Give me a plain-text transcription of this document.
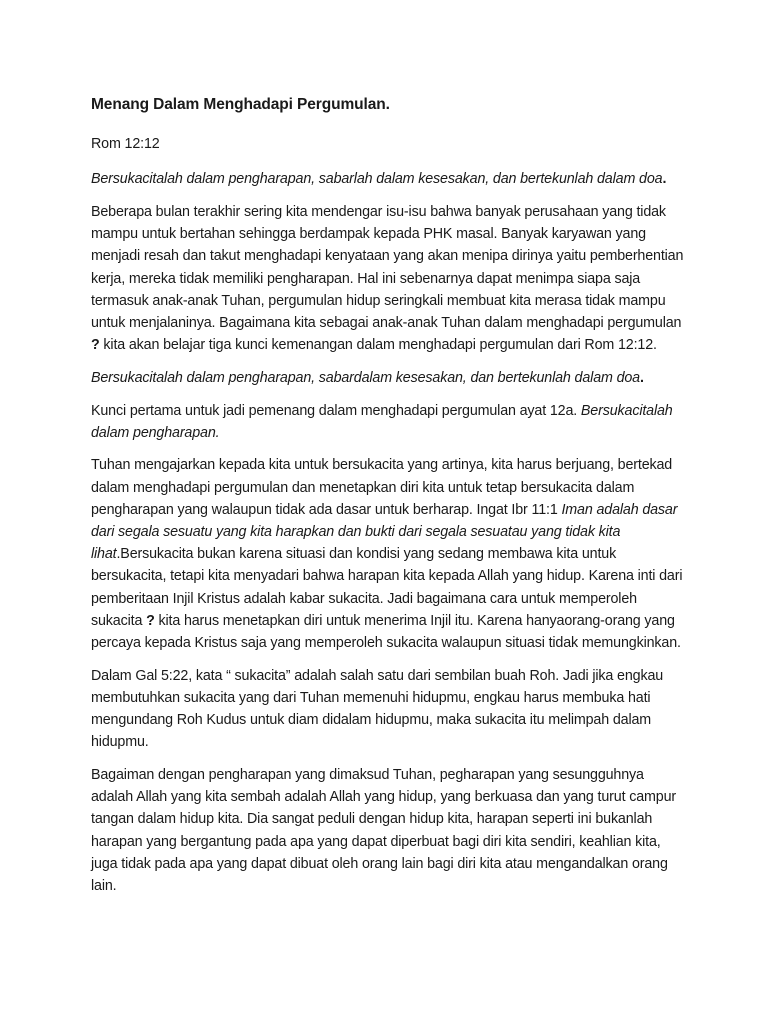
Menang Dalam Menghadapi Pergumulan.

Rom 12:12

Bersukacitalah dalam pengharapan, sabarlah dalam kesesakan, dan bertekunlah dalam doa.

Beberapa bulan terakhir sering kita mendengar isu-isu bahwa banyak perusahaan yang tidak mampu untuk bertahan sehingga berdampak kepada PHK masal. Banyak karyawan yang menjadi resah dan takut menghadapi kenyataan yang akan menipa dirinya yaitu pemberhentian kerja, mereka tidak memiliki pengharapan. Hal ini sebenarnya dapat menimpa siapa saja termasuk anak-anak Tuhan, pergumulan hidup seringkali membuat kita merasa tidak mampu untuk menjalaninya. Bagaimana kita sebagai anak-anak Tuhan dalam menghadapi pergumulan ? kita akan belajar tiga kunci kemenangan dalam menghadapi pergumulan dari Rom 12:12.

Bersukacitalah dalam pengharapan, sabardalam kesesakan, dan bertekunlah dalam doa.

Kunci pertama untuk jadi pemenang dalam menghadapi pergumulan ayat 12a. Bersukacitalah dalam pengharapan.

Tuhan mengajarkan kepada kita untuk bersukacita yang artinya, kita harus berjuang, bertekad dalam menghadapi pergumulan dan menetapkan diri kita untuk tetap bersukacita dalam pengharapan yang walaupun tidak ada dasar untuk berharap. Ingat Ibr 11:1 Iman adalah dasar dari segala sesuatu yang kita harapkan dan bukti dari segala sesuatau yang tidak kita lihat.Bersukacita bukan karena situasi dan kondisi yang sedang membawa kita untuk bersukacita, tetapi kita menyadari bahwa harapan kita kepada Allah yang hidup. Karena inti dari pemberitaan Injil Kristus adalah kabar sukacita. Jadi bagaimana cara untuk memperoleh sukacita ? kita harus menetapkan diri untuk menerima Injil itu. Karena hanyaorang-orang yang percaya kepada Kristus saja yang memperoleh sukacita walaupun situasi tidak memungkinkan.

Dalam Gal 5:22, kata “ sukacita” adalah salah satu dari sembilan buah Roh. Jadi jika engkau membutuhkan sukacita yang dari Tuhan memenuhi hidupmu, engkau harus membuka hati mengundang Roh Kudus untuk diam didalam hidupmu, maka sukacita itu melimpah dalam hidupmu.

Bagaiman dengan pengharapan yang dimaksud Tuhan, pegharapan yang sesungguhnya adalah Allah yang kita sembah adalah Allah yang hidup, yang berkuasa dan yang turut campur tangan dalam hidup kita. Dia sangat peduli dengan hidup kita, harapan seperti ini bukanlah harapan yang bergantung pada apa yang dapat diperbuat bagi diri kita sendiri, keahlian kita, juga tidak pada apa yang dapat dibuat oleh orang lain bagi diri kita atau mengandalkan orang lain.
